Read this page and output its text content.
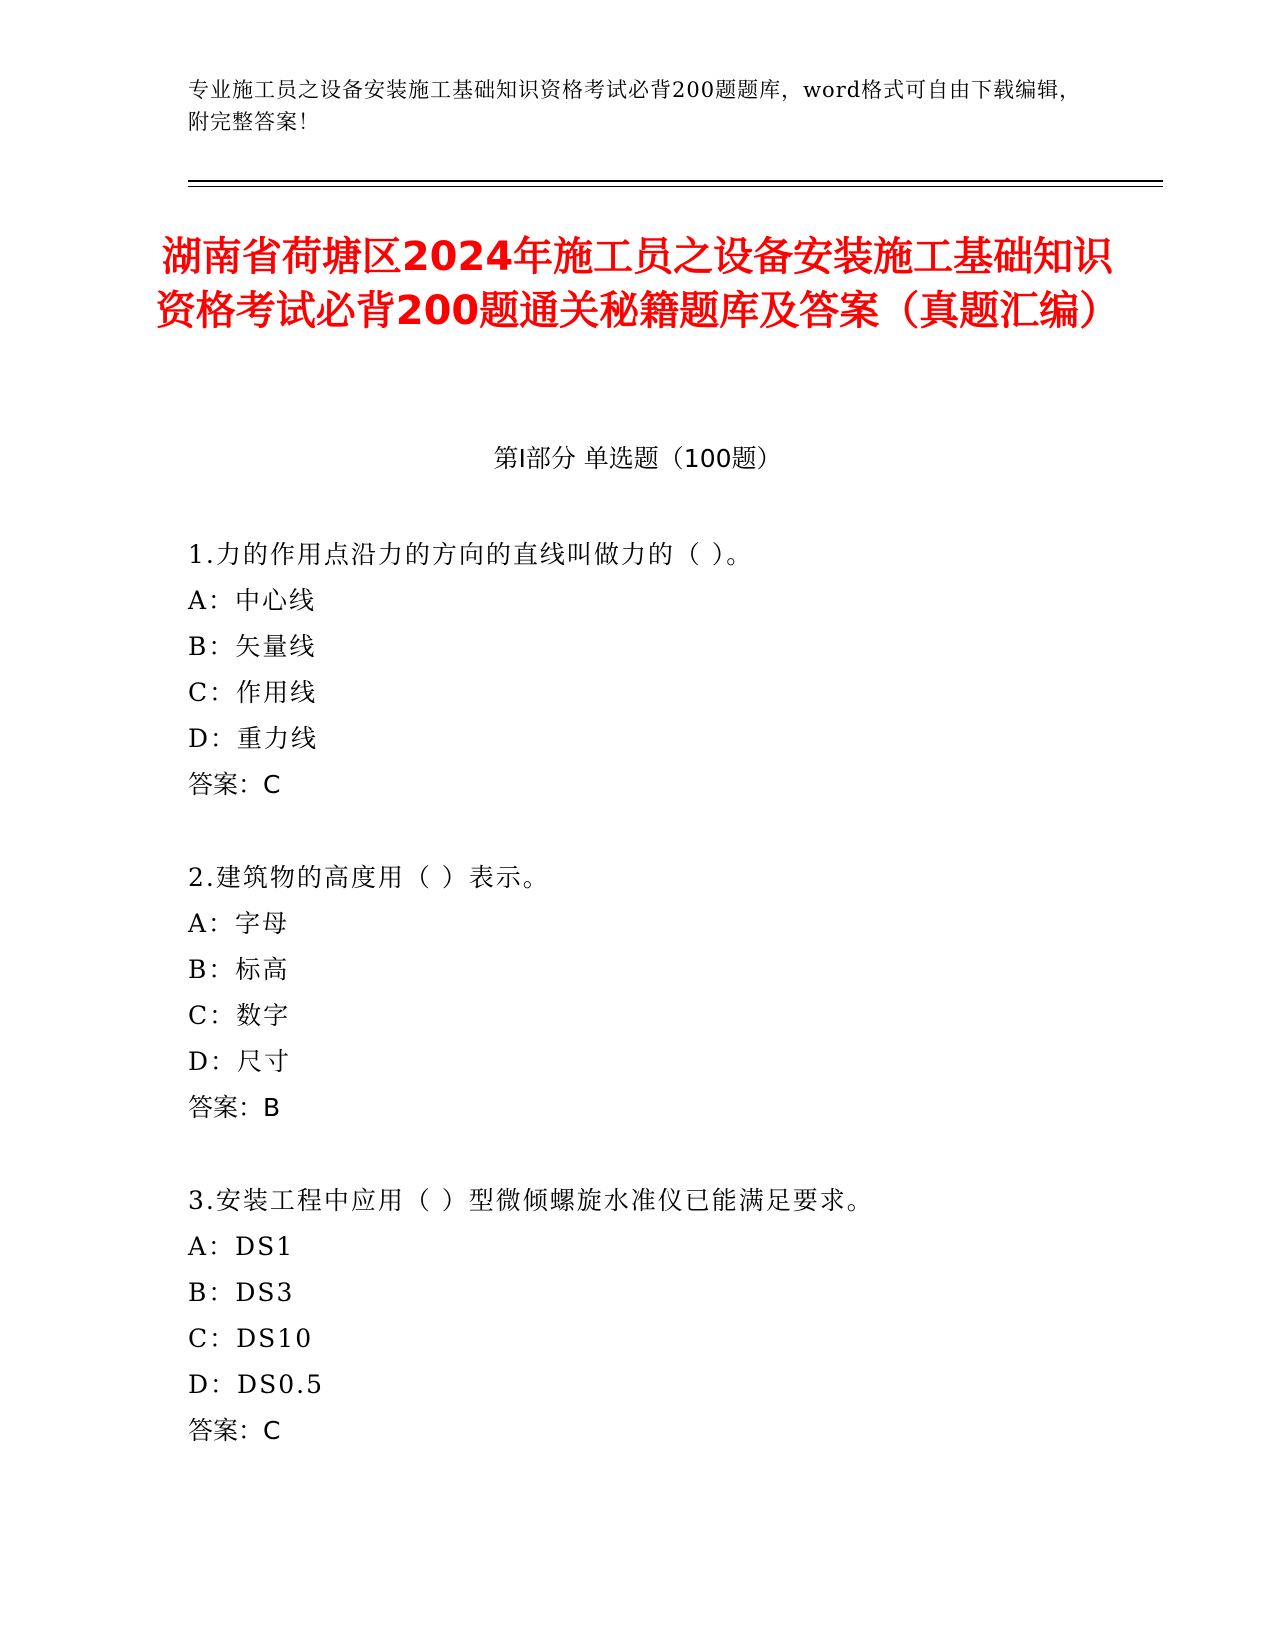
专业施工员之设备安装施工基础知识资格考试必背200题题库，word格式可自由下载编辑，附完整答案！
湖南省荷塘区2024年施工员之设备安装施工基础知识资格考试必背200题通关秘籍题库及答案（真题汇编）
第Ⅰ部分 单选题（100题）
1.力的作用点沿力的方向的直线叫做力的（ ）。
A：中心线
B：矢量线
C：作用线
D：重力线
答案：C
2.建筑物的高度用（ ）表示。
A：字母
B：标高
C：数字
D：尺寸
答案：B
3.安装工程中应用（ ）型微倾螺旋水准仪已能满足要求。
A：DS1
B：DS3
C：DS10
D：DS0.5
答案：C
